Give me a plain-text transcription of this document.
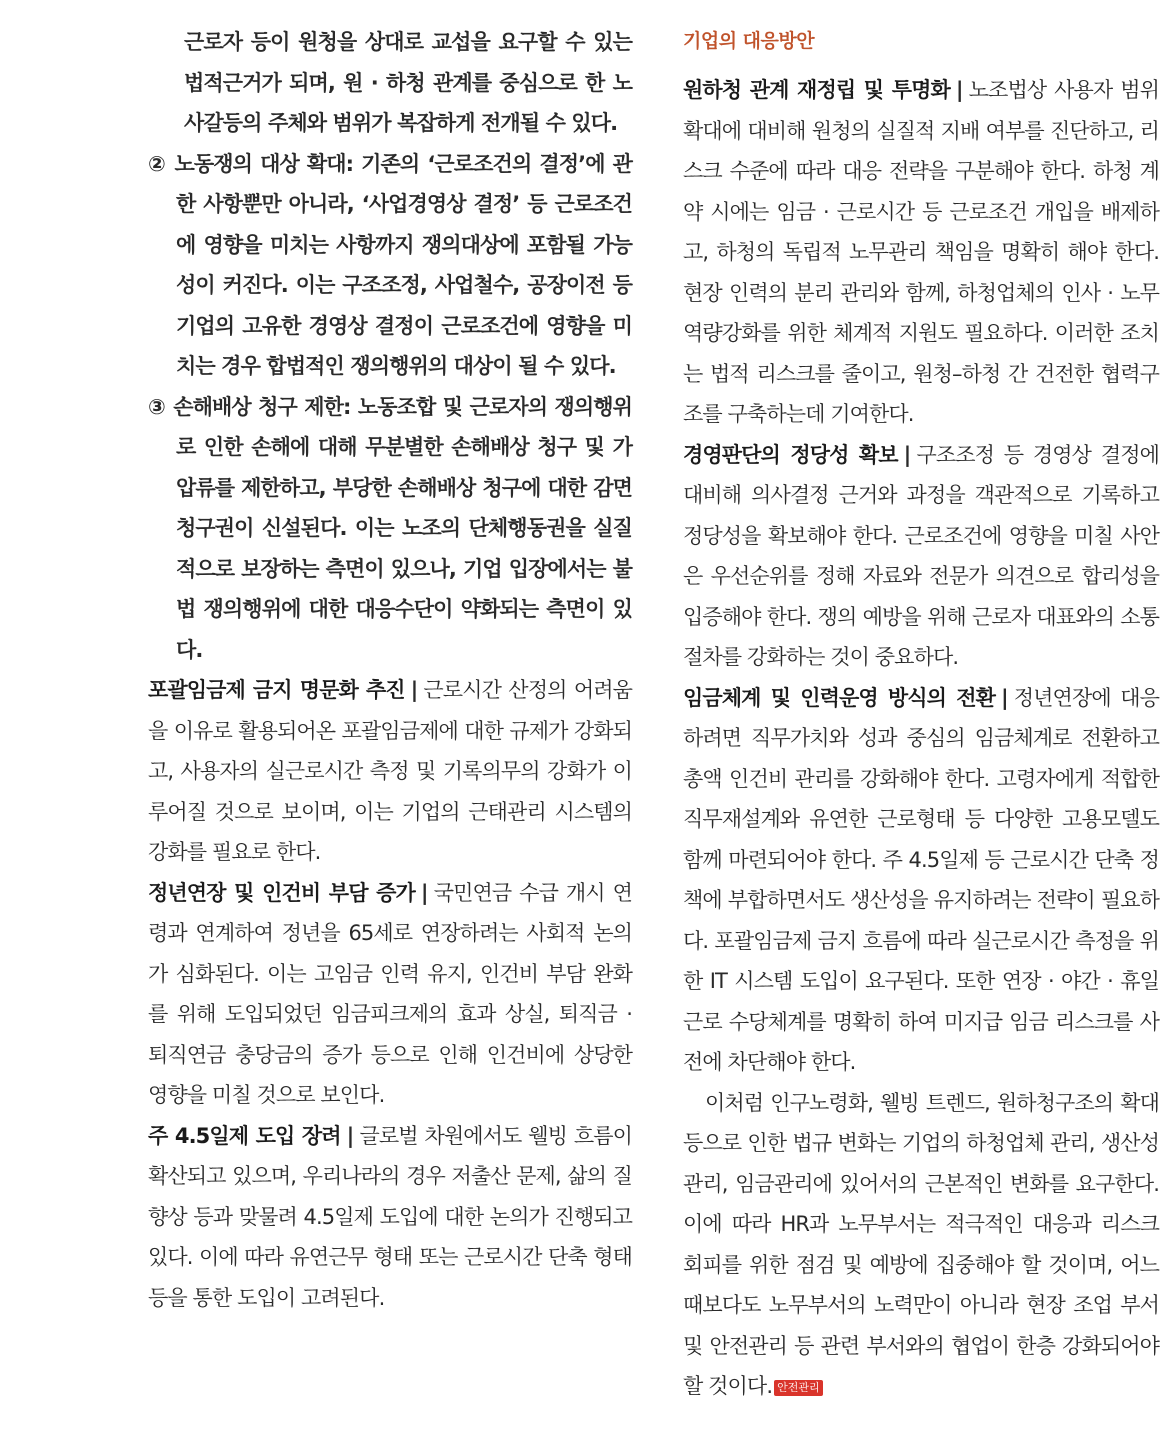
근로자 등이 원청을 상대로 교섭을 요구할 수 있는 법적근거가 되며, 원 · 하청 관계를 중심으로 한 노사갈등의 주체와 범위가 복잡하게 전개될 수 있다.

② 노동쟁의 대상 확대: 기존의 ‘근로조건의 결정’에 관한 사항뿐만 아니라, ‘사업경영상 결정’ 등 근로조건에 영향을 미치는 사항까지 쟁의대상에 포함될 가능성이 커진다. 이는 구조조정, 사업철수, 공장이전 등 기업의 고유한 경영상 결정이 근로조건에 영향을 미치는 경우 합법적인 쟁의행위의 대상이 될 수 있다.

③ 손해배상 청구 제한: 노동조합 및 근로자의 쟁의행위로 인한 손해에 대해 무분별한 손해배상 청구 및 가압류를 제한하고, 부당한 손해배상 청구에 대한 감면 청구권이 신설된다. 이는 노조의 단체행동권을 실질적으로 보장하는 측면이 있으나, 기업 입장에서는 불법 쟁의행위에 대한 대응수단이 약화되는 측면이 있다.

포괄임금제 금지 명문화 추진 | 근로시간 산정의 어려움을 이유로 활용되어온 포괄임금제에 대한 규제가 강화되고, 사용자의 실근로시간 측정 및 기록의무의 강화가 이루어질 것으로 보이며, 이는 기업의 근태관리 시스템의 강화를 필요로 한다.

정년연장 및 인건비 부담 증가 | 국민연금 수급 개시 연령과 연계하여 정년을 65세로 연장하려는 사회적 논의가 심화된다. 이는 고임금 인력 유지, 인건비 부담 완화를 위해 도입되었던 임금피크제의 효과 상실, 퇴직금 · 퇴직연금 충당금의 증가 등으로 인해 인건비에 상당한 영향을 미칠 것으로 보인다.

주 4.5일제 도입 장려 | 글로벌 차원에서도 웰빙 흐름이 확산되고 있으며, 우리나라의 경우 저출산 문제, 삶의 질 향상 등과 맞물려 4.5일제 도입에 대한 논의가 진행되고 있다. 이에 따라 유연근무 형태 또는 근로시간 단축 형태 등을 통한 도입이 고려된다.

기업의 대응방안

원하청 관계 재정립 및 투명화 | 노조법상 사용자 범위 확대에 대비해 원청의 실질적 지배 여부를 진단하고, 리스크 수준에 따라 대응 전략을 구분해야 한다. 하청 계약 시에는 임금 · 근로시간 등 근로조건 개입을 배제하고, 하청의 독립적 노무관리 책임을 명확히 해야 한다. 현장 인력의 분리 관리와 함께, 하청업체의 인사 · 노무 역량강화를 위한 체계적 지원도 필요하다. 이러한 조치는 법적 리스크를 줄이고, 원청–하청 간 건전한 협력구조를 구축하는데 기여한다.

경영판단의 정당성 확보 | 구조조정 등 경영상 결정에 대비해 의사결정 근거와 과정을 객관적으로 기록하고 정당성을 확보해야 한다. 근로조건에 영향을 미칠 사안은 우선순위를 정해 자료와 전문가 의견으로 합리성을 입증해야 한다. 쟁의 예방을 위해 근로자 대표와의 소통절차를 강화하는 것이 중요하다.

임금체계 및 인력운영 방식의 전환 | 정년연장에 대응하려면 직무가치와 성과 중심의 임금체계로 전환하고 총액 인건비 관리를 강화해야 한다. 고령자에게 적합한 직무재설계와 유연한 근로형태 등 다양한 고용모델도 함께 마련되어야 한다. 주 4.5일제 등 근로시간 단축 정책에 부합하면서도 생산성을 유지하려는 전략이 필요하다. 포괄임금제 금지 흐름에 따라 실근로시간 측정을 위한 IT 시스템 도입이 요구된다. 또한 연장 · 야간 · 휴일근로 수당체계를 명확히 하여 미지급 임금 리스크를 사전에 차단해야 한다.

이처럼 인구노령화, 웰빙 트렌드, 원하청구조의 확대 등으로 인한 법규 변화는 기업의 하청업체 관리, 생산성 관리, 임금관리에 있어서의 근본적인 변화를 요구한다. 이에 따라 HR과 노무부서는 적극적인 대응과 리스크 회피를 위한 점검 및 예방에 집중해야 할 것이며, 어느 때보다도 노무부서의 노력만이 아니라 현장 조업 부서 및 안전관리 등 관련 부서와의 협업이 한층 강화되어야 할 것이다. 안전관리
